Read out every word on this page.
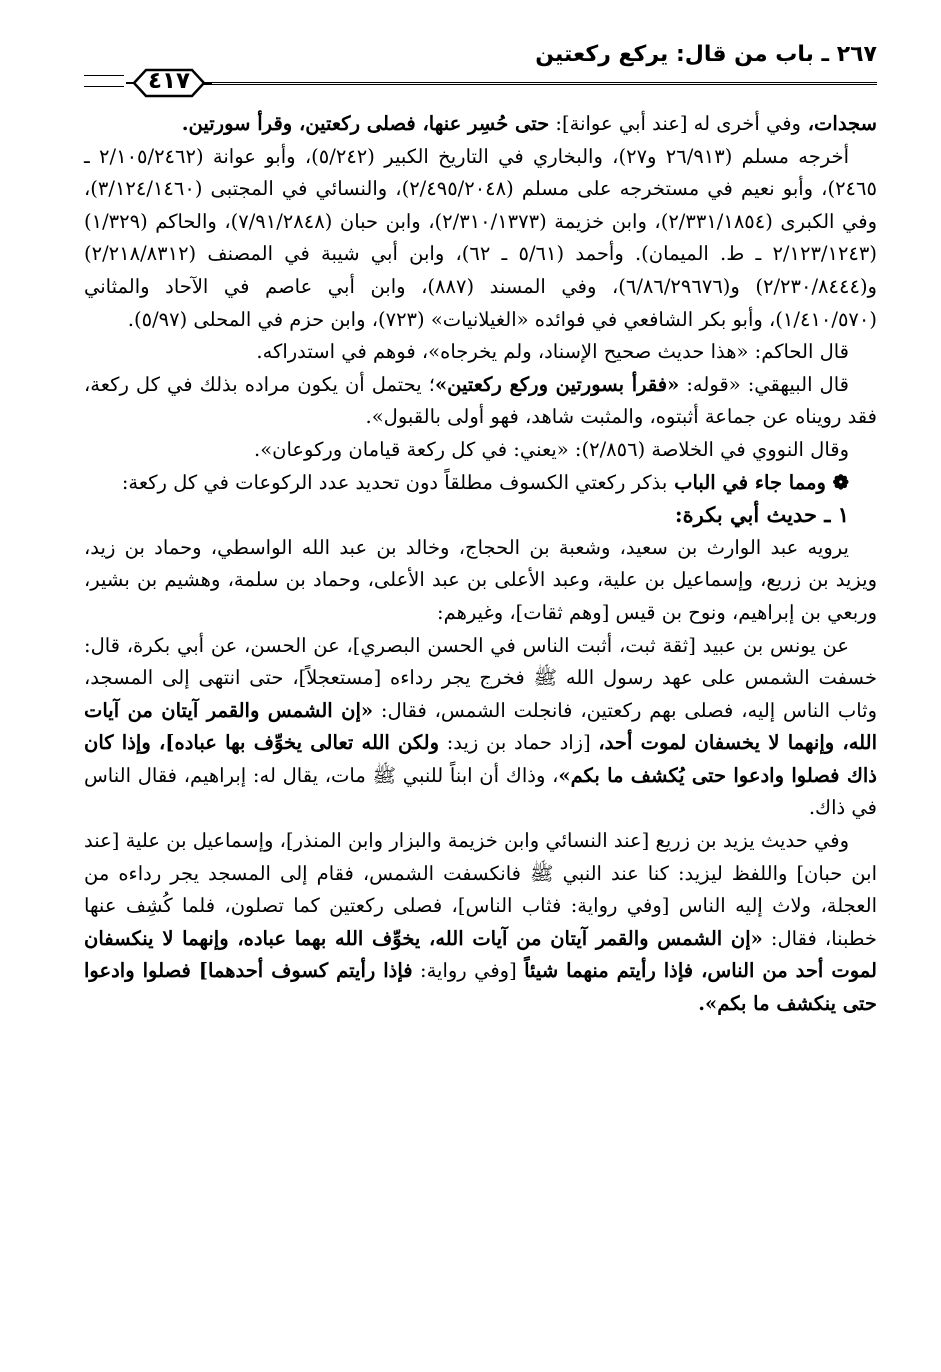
٢٦٧ ـ باب من قال: يركع ركعتين
٤١٧

سجدات، وفي أخرى له [عند أبي عوانة]: حتى حُسِر عنها، فصلى ركعتين، وقرأ سورتين.

أخرجه مسلم (٢٦/٩١٣ و٢٧)، والبخاري في التاريخ الكبير (٥/٢٤٢)، وأبو عوانة (٢/١٠٥/٢٤٦٢ ـ ٢٤٦٥)، وأبو نعيم في مستخرجه على مسلم (٢/٤٩٥/٢٠٤٨)، والنسائي في المجتبى (٣/١٢٤/١٤٦٠)، وفي الكبرى (٢/٣٣١/١٨٥٤)، وابن خزيمة (٢/٣١٠/١٣٧٣)، وابن حبان (٧/٩١/٢٨٤٨)، والحاكم (١/٣٢٩) (٢/١٢٣/١٢٤٣ ـ ط. الميمان). وأحمد (٥/٦١ ـ ٦٢)، وابن أبي شيبة في المصنف (٢/٢١٨/٨٣١٢) و(٢/٢٣٠/٨٤٤٤) و(٦/٨٦/٢٩٦٧٦)، وفي المسند (٨٨٧)، وابن أبي عاصم في الآحاد والمثاني (١/٤١٠/٥٧٠)، وأبو بكر الشافعي في فوائده «الغيلانيات» (٧٢٣)، وابن حزم في المحلى (٥/٩٧).

قال الحاكم: «هذا حديث صحيح الإسناد، ولم يخرجاه»، فوهم في استدراكه.

قال البيهقي: «قوله: «فقرأ بسورتين وركع ركعتين»؛ يحتمل أن يكون مراده بذلك في كل ركعة، فقد رويناه عن جماعة أثبتوه، والمثبت شاهد، فهو أولى بالقبول».

وقال النووي في الخلاصة (٢/٨٥٦): «يعني: في كل ركعة قيامان وركوعان».

❁ ومما جاء في الباب بذكر ركعتي الكسوف مطلقاً دون تحديد عدد الركوعات في كل ركعة:

١ ـ حديث أبي بكرة:

يرويه عبد الوارث بن سعيد، وشعبة بن الحجاج، وخالد بن عبد الله الواسطي، وحماد بن زيد، ويزيد بن زريع، وإسماعيل بن علية، وعبد الأعلى بن عبد الأعلى، وحماد بن سلمة، وهشيم بن بشير، وربعي بن إبراهيم، ونوح بن قيس [وهم ثقات]، وغيرهم:

عن يونس بن عبيد [ثقة ثبت، أثبت الناس في الحسن البصري]، عن الحسن، عن أبي بكرة، قال: خسفت الشمس على عهد رسول الله ﷺ فخرج يجر رداءه [مستعجلاً]، حتى انتهى إلى المسجد، وثاب الناس إليه، فصلى بهم ركعتين، فانجلت الشمس، فقال: «إن الشمس والقمر آيتان من آيات الله، وإنهما لا يخسفان لموت أحد، [زاد حماد بن زيد: ولكن الله تعالى يخوِّف بها عباده]، وإذا كان ذاك فصلوا وادعوا حتى يُكشف ما بكم»، وذاك أن ابناً للنبي ﷺ مات، يقال له: إبراهيم، فقال الناس في ذاك.

وفي حديث يزيد بن زريع [عند النسائي وابن خزيمة والبزار وابن المنذر]، وإسماعيل بن علية [عند ابن حبان] واللفظ ليزيد: كنا عند النبي ﷺ فانكسفت الشمس، فقام إلى المسجد يجر رداءه من العجلة، ولاث إليه الناس [وفي رواية: فثاب الناس]، فصلى ركعتين كما تصلون، فلما كُشِف عنها خطبنا، فقال: «إن الشمس والقمر آيتان من آيات الله، يخوِّف الله بهما عباده، وإنهما لا ينكسفان لموت أحد من الناس، فإذا رأيتم منهما شيئاً [وفي رواية: فإذا رأيتم كسوف أحدهما] فصلوا وادعوا حتى ينكشف ما بكم».
